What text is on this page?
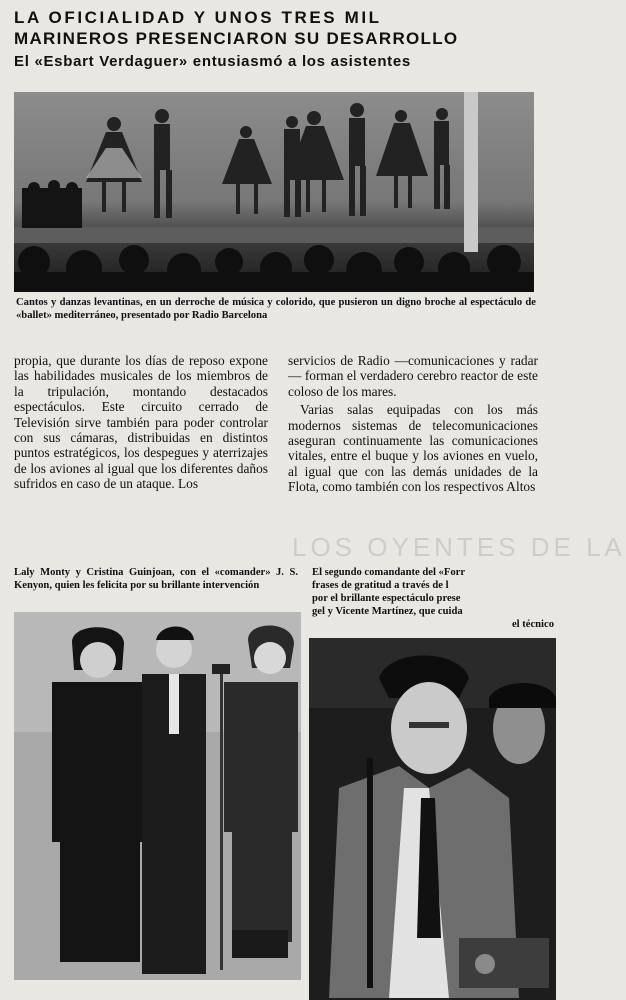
LA OFICIALIDAD Y UNOS TRES MIL
MARINEROS PRESENCIARON SU DESARROLLO
El «Esbart Verdaguer» entusiasmó a los asistentes
Cantos y danzas levantinas, en un derroche de música y colorido, que pusieron un digno broche al espectáculo de «ballet» mediterráneo, presentado por Radio Barcelona
propia, que durante los días de reposo expone las habilidades musicales de los miembros de la tripulación, montando destacados espectáculos. Este circuito cerrado de Televisión sirve también para poder controlar con sus cámaras, distribuidas en distintos puntos estratégicos, los despegues y aterrizajes de los aviones al igual que los diferentes daños sufridos en caso de un ataque. Los

servicios de Radio —comunicaciones y radar— forman el verdadero cerebro reactor de este coloso de los mares.

Varias salas equipadas con los más modernos sistemas de telecomunicaciones aseguran continuamente las comunicaciones vitales, entre el buque y los aviones en vuelo, al igual que con las demás unidades de la Flota, como también con los respectivos Altos

LOS OYENTES DE LA
Laly Monty y Cristina Guinjoan, con el «comander» J. S. Kenyon, quien les felicita por su brillante intervención
El segundo comandante del «Forr
frases de gratitud a través de l
por el brillante espectáculo prese
gel y Vicente Martínez, que cuida
el técnico
